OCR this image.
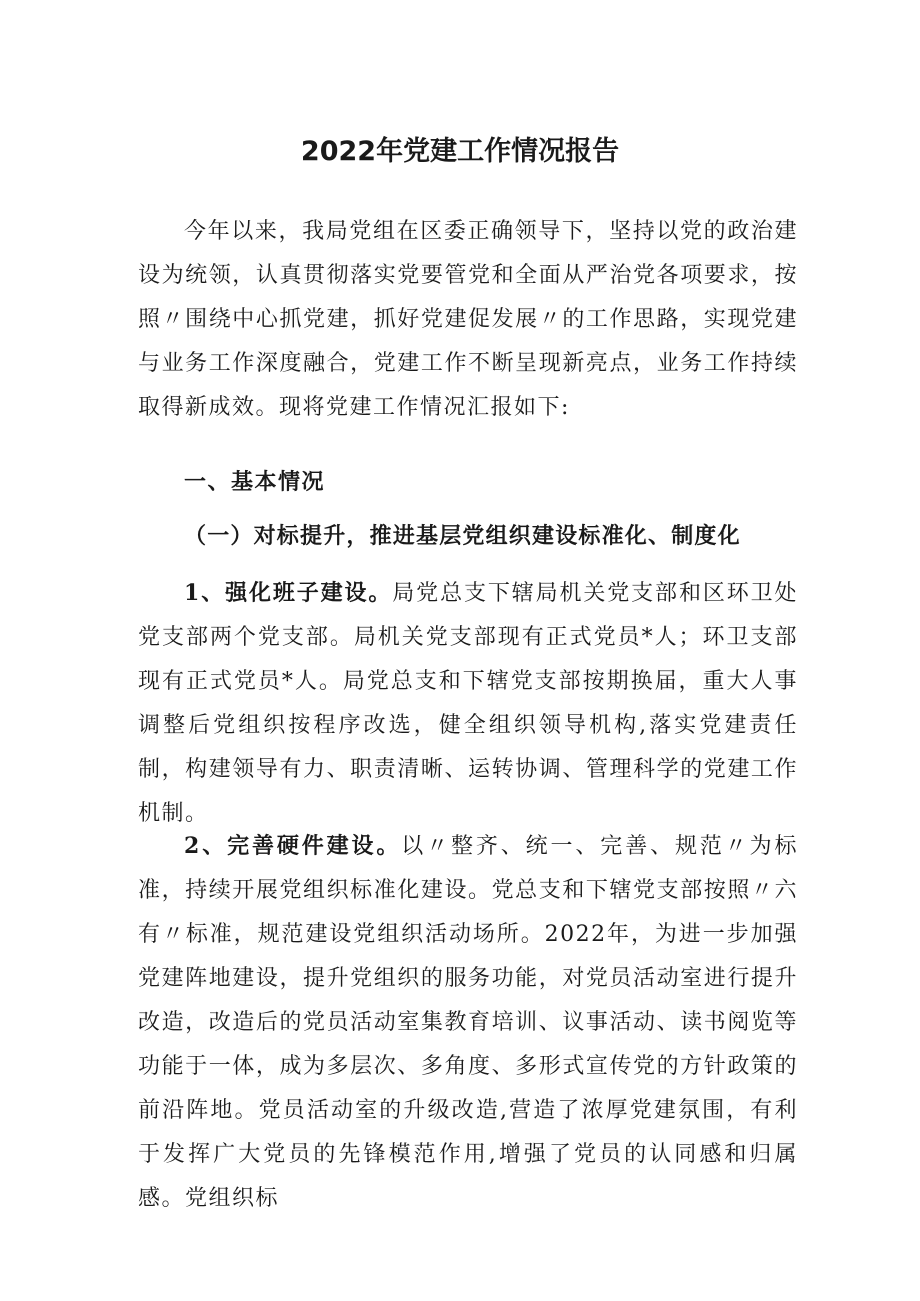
2022年党建工作情况报告
今年以来，我局党组在区委正确领导下，坚持以党的政治建设为统领，认真贯彻落实党要管党和全面从严治党各项要求，按照〃围绕中心抓党建，抓好党建促发展〃的工作思路，实现党建与业务工作深度融合，党建工作不断呈现新亮点，业务工作持续取得新成效。现将党建工作情况汇报如下:
一、基本情况
（一）对标提升，推进基层党组织建设标准化、制度化
1、强化班子建设。局党总支下辖局机关党支部和区环卫处党支部两个党支部。局机关党支部现有正式党员*人；环卫支部现有正式党员*人。局党总支和下辖党支部按期换届，重大人事调整后党组织按程序改选，健全组织领导机构,落实党建责任制，构建领导有力、职责清晰、运转协调、管理科学的党建工作机制。
2、完善硬件建设。以〃整齐、统一、完善、规范〃为标准，持续开展党组织标准化建设。党总支和下辖党支部按照〃六有〃标准，规范建设党组织活动场所。2022年，为进一步加强党建阵地建设，提升党组织的服务功能，对党员活动室进行提升改造，改造后的党员活动室集教育培训、议事活动、读书阅览等功能于一体，成为多层次、多角度、多形式宣传党的方针政策的前沿阵地。党员活动室的升级改造,营造了浓厚党建氛围，有利于发挥广大党员的先锋模范作用,增强了党员的认同感和归属感。党组织标
